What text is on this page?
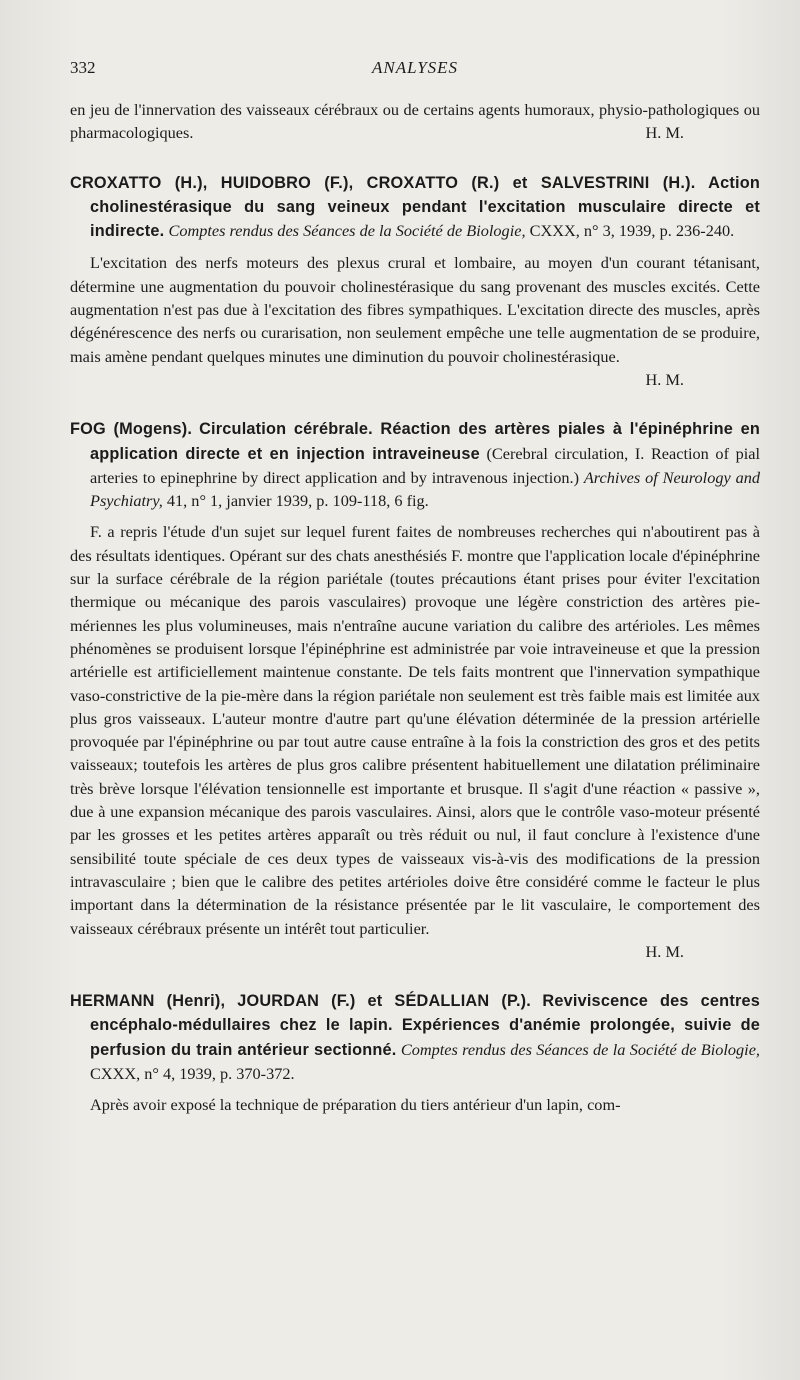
332	ANALYSES

en jeu de l'innervation des vaisseaux cérébraux ou de certains agents humoraux, physio-pathologiques ou pharmacologiques.	H. M.

CROXATTO (H.), HUIDOBRO (F.), CROXATTO (R.) et SALVESTRINI (H.). Action cholinestérasique du sang veineux pendant l'excitation musculaire directe et indirecte. Comptes rendus des Séances de la Société de Biologie, CXXX, n° 3, 1939, p. 236-240.

L'excitation des nerfs moteurs des plexus crural et lombaire, au moyen d'un courant tétanisant, détermine une augmentation du pouvoir cholinestérasique du sang provenant des muscles excités. Cette augmentation n'est pas due à l'excitation des fibres sympathiques. L'excitation directe des muscles, après dégénérescence des nerfs ou curarisation, non seulement empêche une telle augmentation de se produire, mais amène pendant quelques minutes une diminution du pouvoir cholinestérasique.

H. M.

FOG (Mogens). Circulation cérébrale. Réaction des artères piales à l'épinéphrine en application directe et en injection intraveineuse (Cerebral circulation, I. Reaction of pial arteries to epinephrine by direct application and by intravenous injection.) Archives of Neurology and Psychiatry, 41, n° 1, janvier 1939, p. 109-118, 6 fig.

F. a repris l'étude d'un sujet sur lequel furent faites de nombreuses recherches qui n'aboutirent pas à des résultats identiques. Opérant sur des chats anesthésiés F. montre que l'application locale d'épinéphrine sur la surface cérébrale de la région pariétale (toutes précautions étant prises pour éviter l'excitation thermique ou mécanique des parois vasculaires) provoque une légère constriction des artères pie-mériennes les plus volumineuses, mais n'entraîne aucune variation du calibre des artérioles. Les mêmes phénomènes se produisent lorsque l'épinéphrine est administrée par voie intraveineuse et que la pression artérielle est artificiellement maintenue constante. De tels faits montrent que l'innervation sympathique vaso-constrictive de la pie-mère dans la région pariétale non seulement est très faible mais est limitée aux plus gros vaisseaux. L'auteur montre d'autre part qu'une élévation déterminée de la pression artérielle provoquée par l'épinéphrine ou par tout autre cause entraîne à la fois la constriction des gros et des petits vaisseaux; toutefois les artères de plus gros calibre présentent habituellement une dilatation préliminaire très brève lorsque l'élévation tensionnelle est importante et brusque. Il s'agit d'une réaction « passive », due à une expansion mécanique des parois vasculaires. Ainsi, alors que le contrôle vaso-moteur présenté par les grosses et les petites artères apparaît ou très réduit ou nul, il faut conclure à l'existence d'une sensibilité toute spéciale de ces deux types de vaisseaux vis-à-vis des modifications de la pression intravasculaire ; bien que le calibre des petites artérioles doive être considéré comme le facteur le plus important dans la détermination de la résistance présentée par le lit vasculaire, le comportement des vaisseaux cérébraux présente un intérêt tout particulier.

H. M.

HERMANN (Henri), JOURDAN (F.) et SÉDALLIAN (P.). Reviviscence des centres encéphalo-médullaires chez le lapin. Expériences d'anémie prolongée, suivie de perfusion du train antérieur sectionné. Comptes rendus des Séances de la Société de Biologie, CXXX, n° 4, 1939, p. 370-372.

Après avoir exposé la technique de préparation du tiers antérieur d'un lapin, com-
